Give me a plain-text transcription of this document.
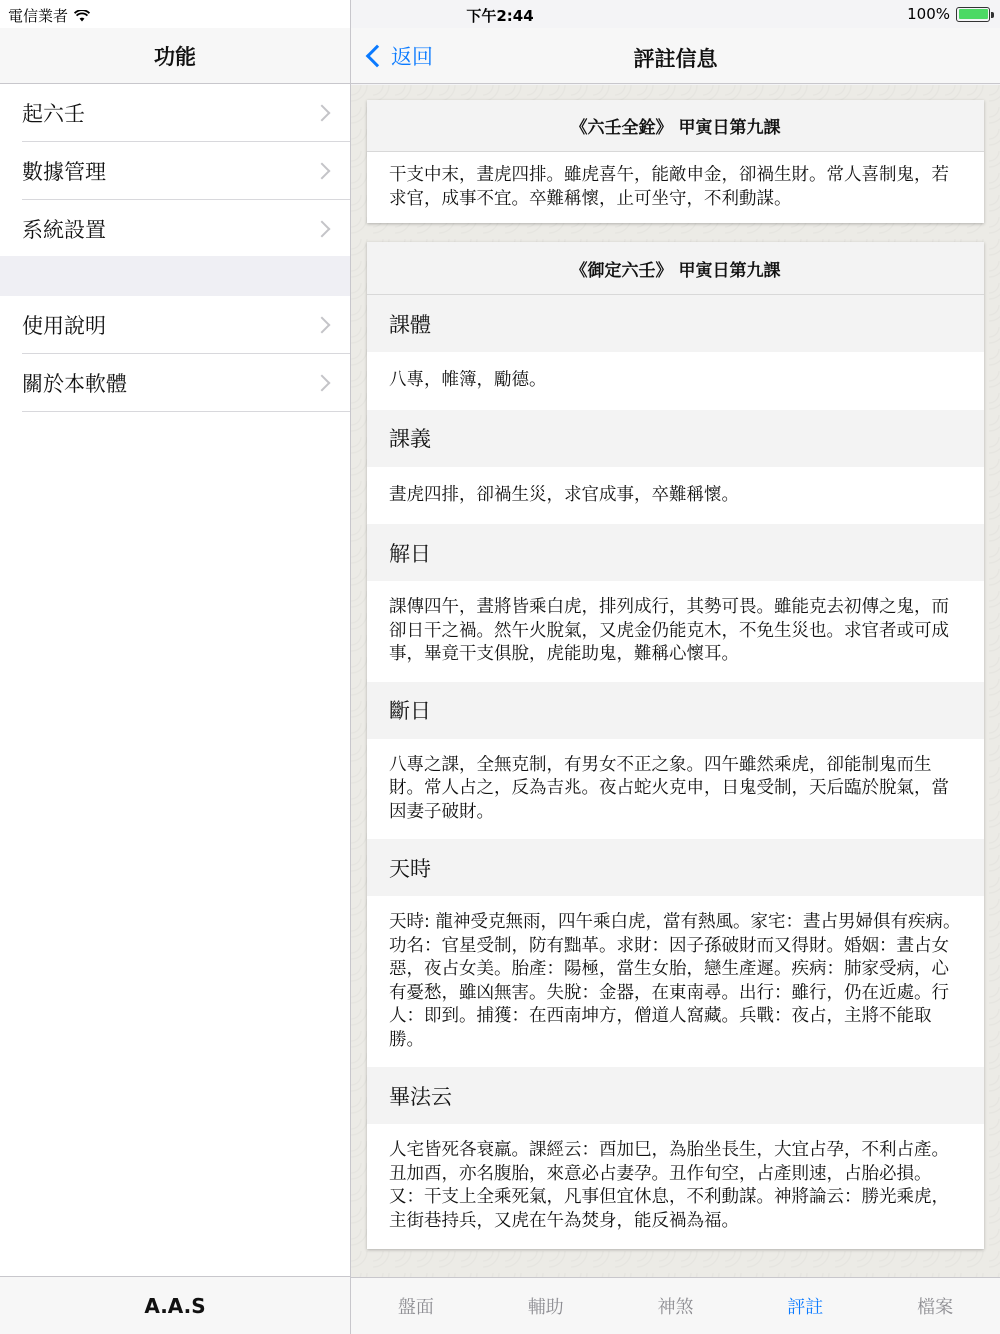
功能
起六壬
數據管理
系統設置
使用說明
關於本軟體
A.A.S
返回	評註信息
《六壬全銓》 甲寅日第九課
干支中末，晝虎四排。雖虎喜午，能敵申金，卻禍生財。常人喜制鬼，若求官，成事不宜。卒難稱懷，止可坐守，不利動謀。
《御定六壬》 甲寅日第九課
課體
八專，帷簿，勵德。
課義
晝虎四排，卻禍生災，求官成事，卒難稱懷。
解日
課傳四午，晝將皆乘白虎，排列成行，其勢可畏。雖能克去初傳之鬼，而卻日干之禍。然午火脫氣，又虎金仍能克木，不免生災也。求官者或可成事，畢竟干支俱脫，虎能助鬼，難稱心懷耳。
斷日
八專之課，全無克制，有男女不正之象。四午雖然乘虎，卻能制鬼而生財。常人占之，反為吉兆。夜占蛇火克申，日鬼受制，天后臨於脫氣，當因妻子破財。
天時
天時: 龍神受克無雨，四午乘白虎，當有熱風。家宅：晝占男婦俱有疾病。功名：官星受制，防有黜革。求財：因子孫破財而又得財。婚姻：晝占女惡，夜占女美。胎產：陽極，當生女胎，戀生產遲。疾病：肺家受病，心有憂愁，雖凶無害。失脫：金器，在東南尋。出行：雖行，仍在近處。行人：即到。捕獲：在西南坤方，僧道人窩藏。兵戰：夜占，主將不能取勝。
畢法云
人宅皆死各衰羸。課經云：酉加巳，為胎坐長生，大宜占孕，不利占產。丑加酉，亦名腹胎，來意必占妻孕。丑作旬空，占產則速，占胎必損。又：干支上全乘死氣，凡事但宜休息，不利動謀。神將論云：勝光乘虎，主街巷持兵，又虎在午為焚身，能反禍為福。
盤面	輔助	神煞	評註	檔案
電信業者	下午2:44	100%
